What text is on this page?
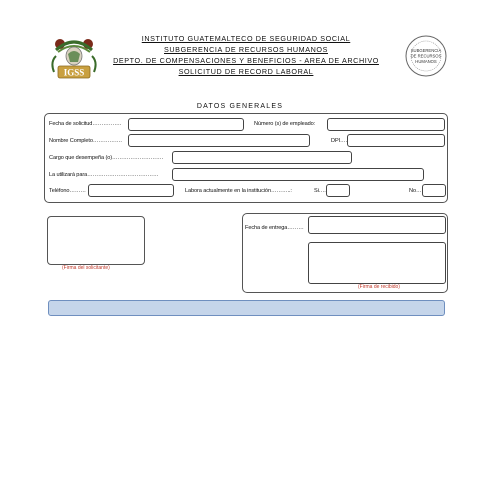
IGSS
INSTITUTO GUATEMALTECO DE SEGURIDAD SOCIAL
SUBGERENCIA DE RECURSOS HUMANOS
DEPTO. DE COMPENSACIONES Y BENEFICIOS - AREA DE ARCHIVO
SOLICITUD DE RECORD LABORAL
SUBGERENCIA
DE RECURSOS
HUMANOS
DATOS GENERALES
Fecha de solicitud…………….	Número (s) de empleado:
Nombre Completo…………….	DPI….
Cargo que desempeña (o)……………………….
La utilizará para…………………………………
Teléfono………	Labora actualmente en la institución………..:	Si….	No…
(Firma del solicitante)
Fecha de entrega………
(Firma de recibido)
